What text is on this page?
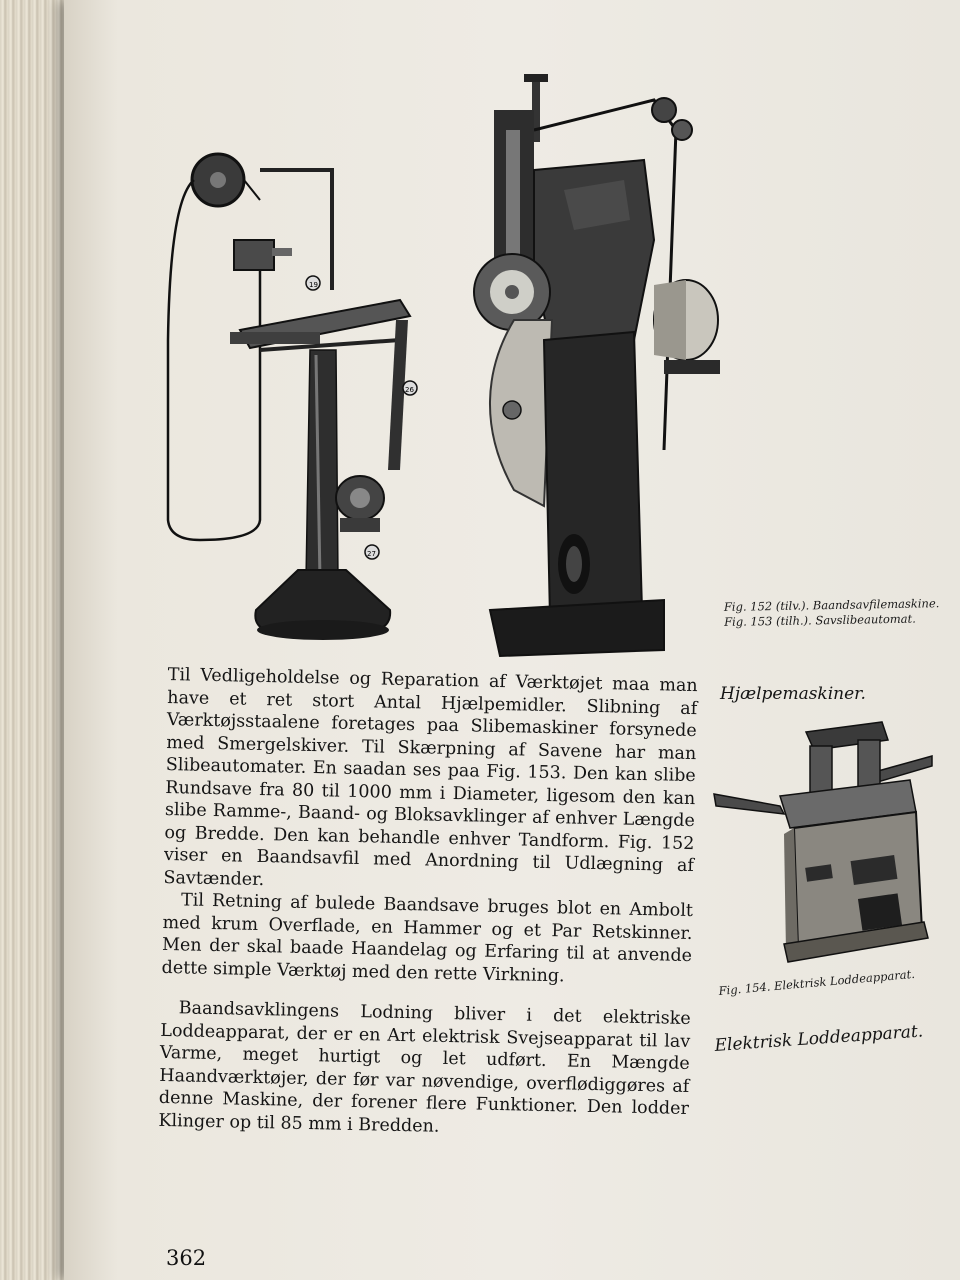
19
26
27
Fig. 152 (tilv.). Baandsavfilemaskine.
Fig. 153 (tilh.). Savslibeautomat.
Fig. 154. Elektrisk Loddeapparat.
Hjælpemaskiner.
Elektrisk Loddeapparat.

Til Vedligeholdelse og Reparation af Værktøjet maa man have et ret stort Antal Hjælpemidler. Slibning af Værktøjsstaalene foretages paa Slibemaskiner forsynede med Smergelskiver. Til Skærpning af Savene har man Slibeautomater. En saadan ses paa Fig. 153. Den kan slibe Rundsave fra 80 til 1000 mm i Diameter, ligesom den kan slibe Ramme-, Baand- og Bloksavklinger af enhver Længde og Bredde. Den kan behandle enhver Tandform. Fig. 152 viser en Baandsavfil med Anordning til Udlægning af Savtænder.

Til Retning af bulede Baandsave bruges blot en Ambolt med krum Overflade, en Hammer og et Par Retskinner. Men der skal baade Haandelag og Erfaring til at anvende dette simple Værktøj med den rette Virkning.

Baandsavklingens Lodning bliver i det elektriske Loddeapparat, der er en Art elektrisk Svejseapparat til lav Varme, meget hurtigt og let udført. En Mængde Haandværktøjer, der før var nøvendige, overflødiggøres af denne Maskine, der forener flere Funktioner. Den lodder Klinger op til 85 mm i Bredden.

362
